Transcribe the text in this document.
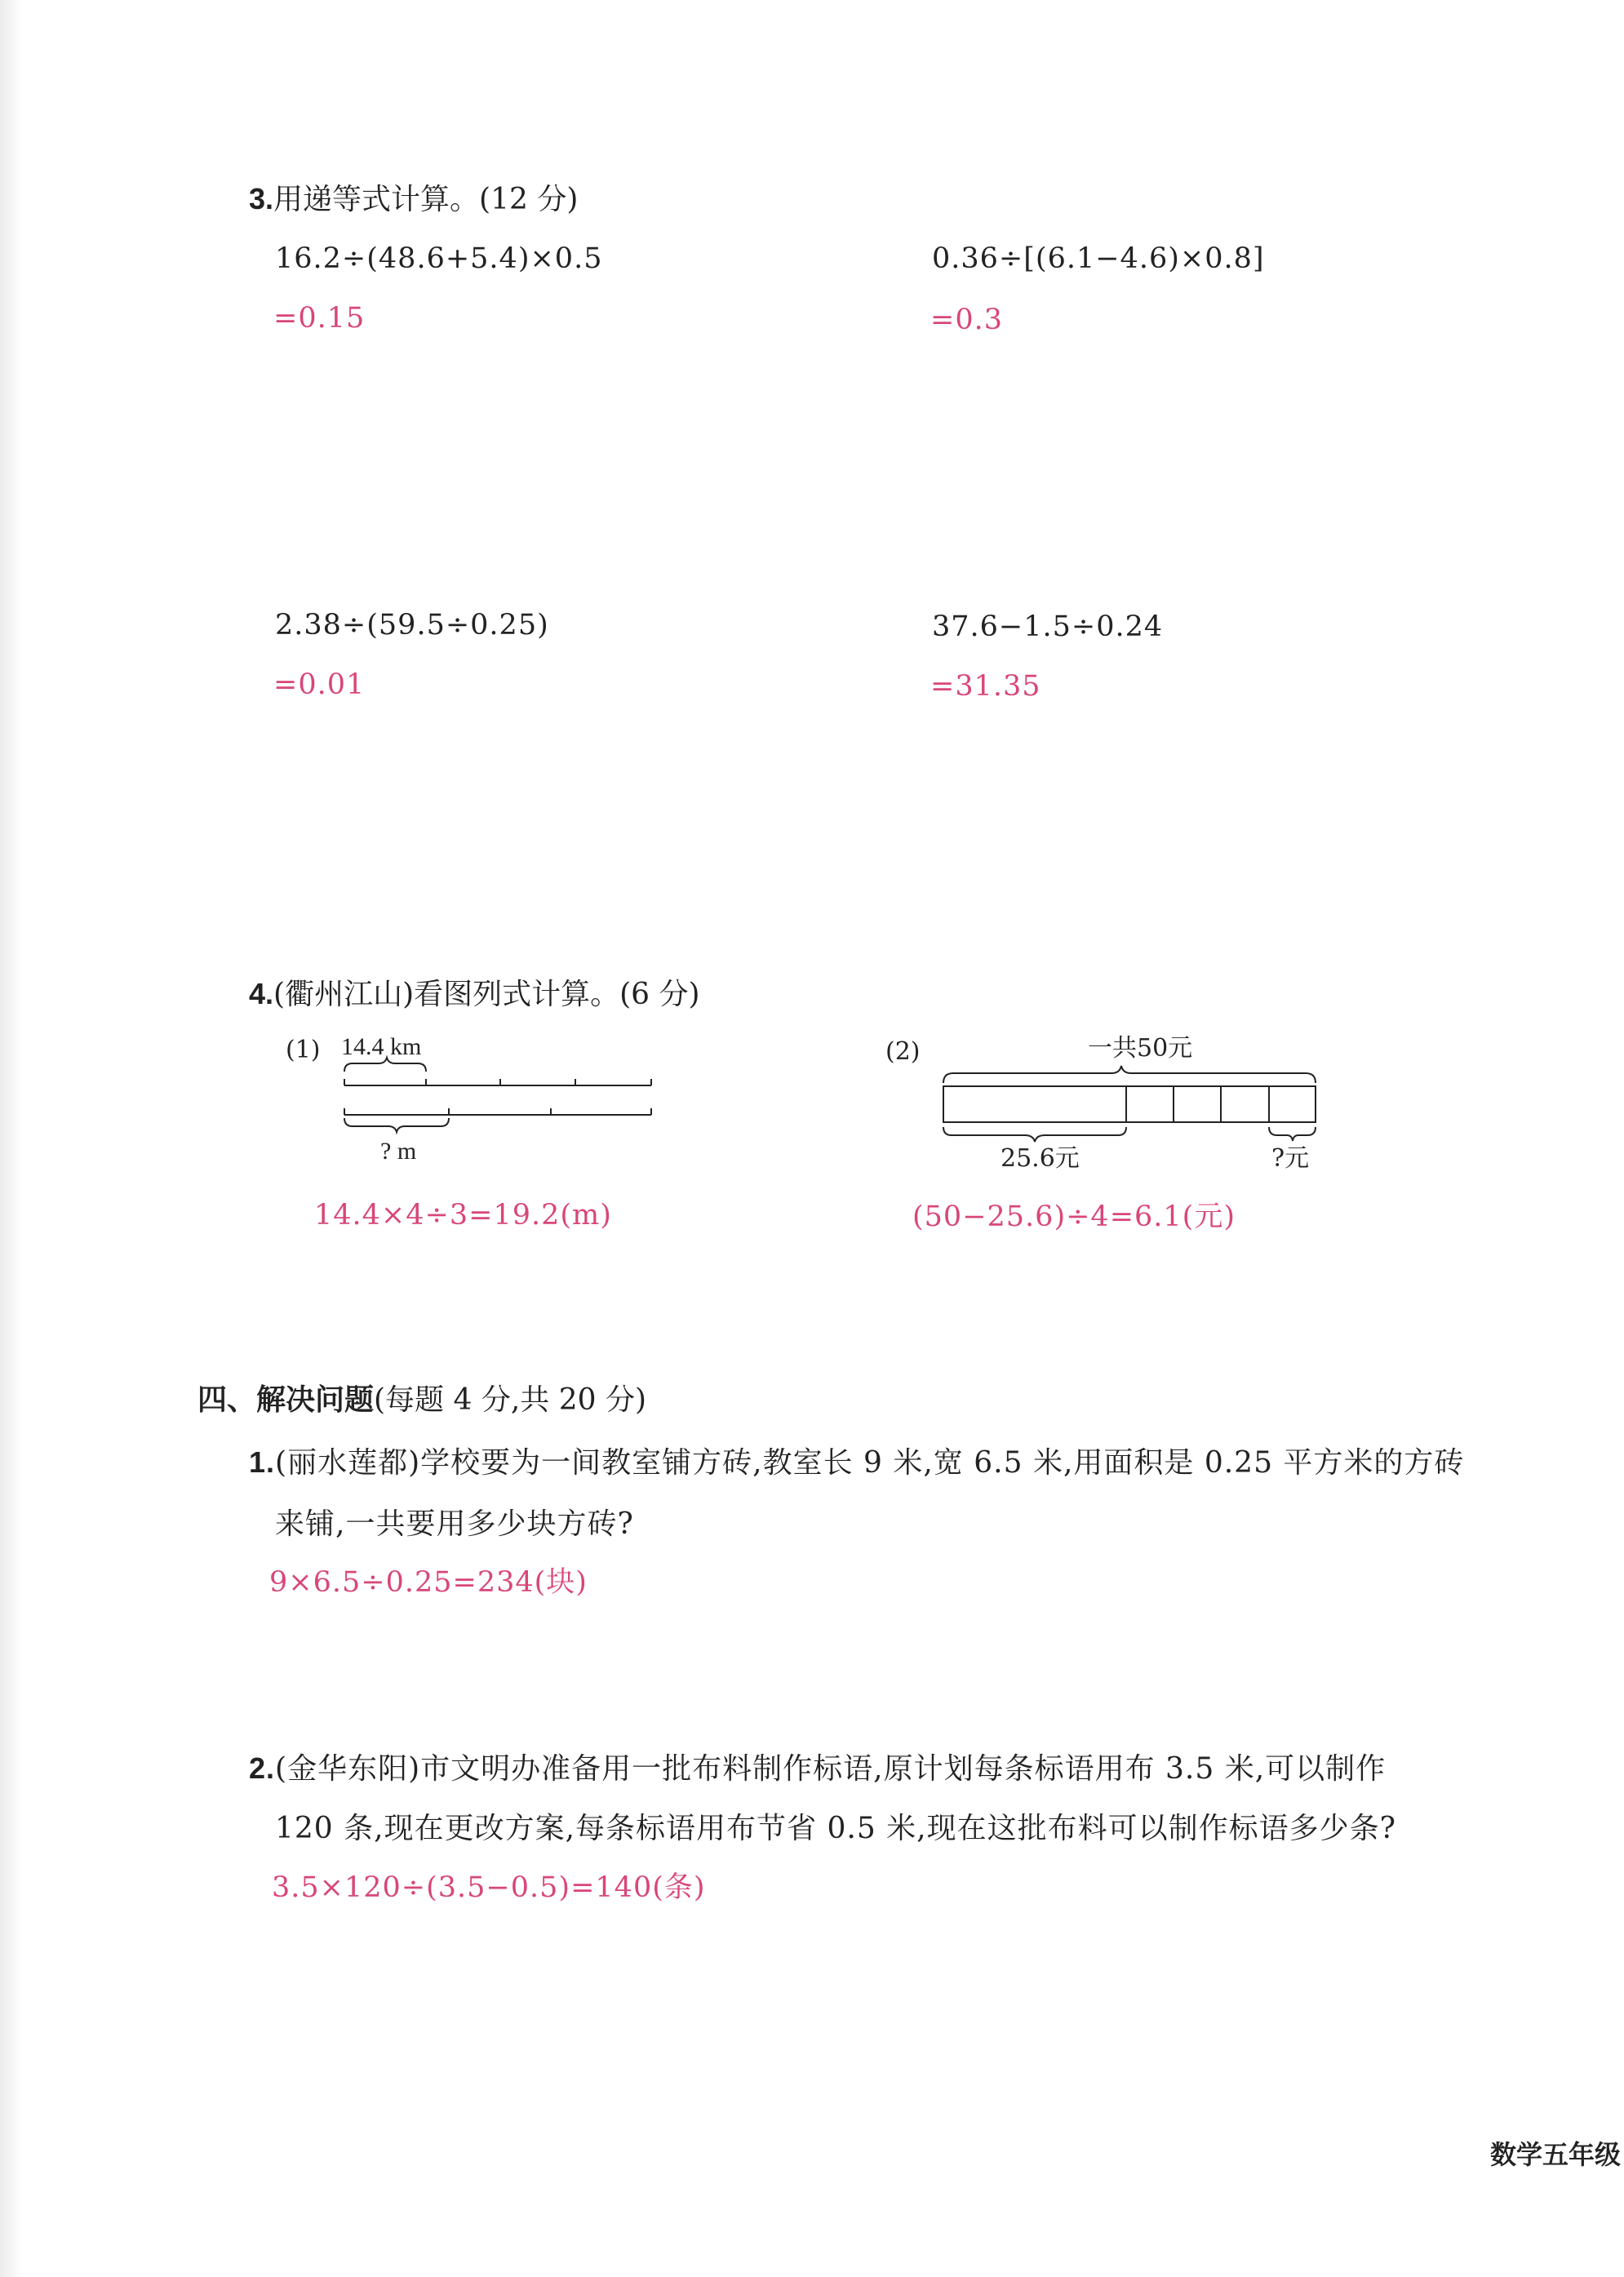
3.用递等式计算。(12 分)
16.2÷(48.6+5.4)×0.5
=0.15
0.36÷[(6.1−4.6)×0.8]
=0.3
2.38÷(59.5÷0.25)
=0.01
37.6−1.5÷0.24
=31.35
4.(衢州江山)看图列式计算。(6 分)
(1) 14.4 km
? m
14.4×4÷3=19.2(m)
(2)	一共50元
25.6元	?元
(50−25.6)÷4=6.1(元)
四、解决问题(每题 4 分,共 20 分)
1.(丽水莲都)学校要为一间教室铺方砖,教室长 9 米,宽 6.5 米,用面积是 0.25 平方米的方砖
来铺,一共要用多少块方砖?
9×6.5÷0.25=234(块)
2.(金华东阳)市文明办准备用一批布料制作标语,原计划每条标语用布 3.5 米,可以制作
120 条,现在更改方案,每条标语用布节省 0.5 米,现在这批布料可以制作标语多少条?
3.5×120÷(3.5−0.5)=140(条)
数学五年级
